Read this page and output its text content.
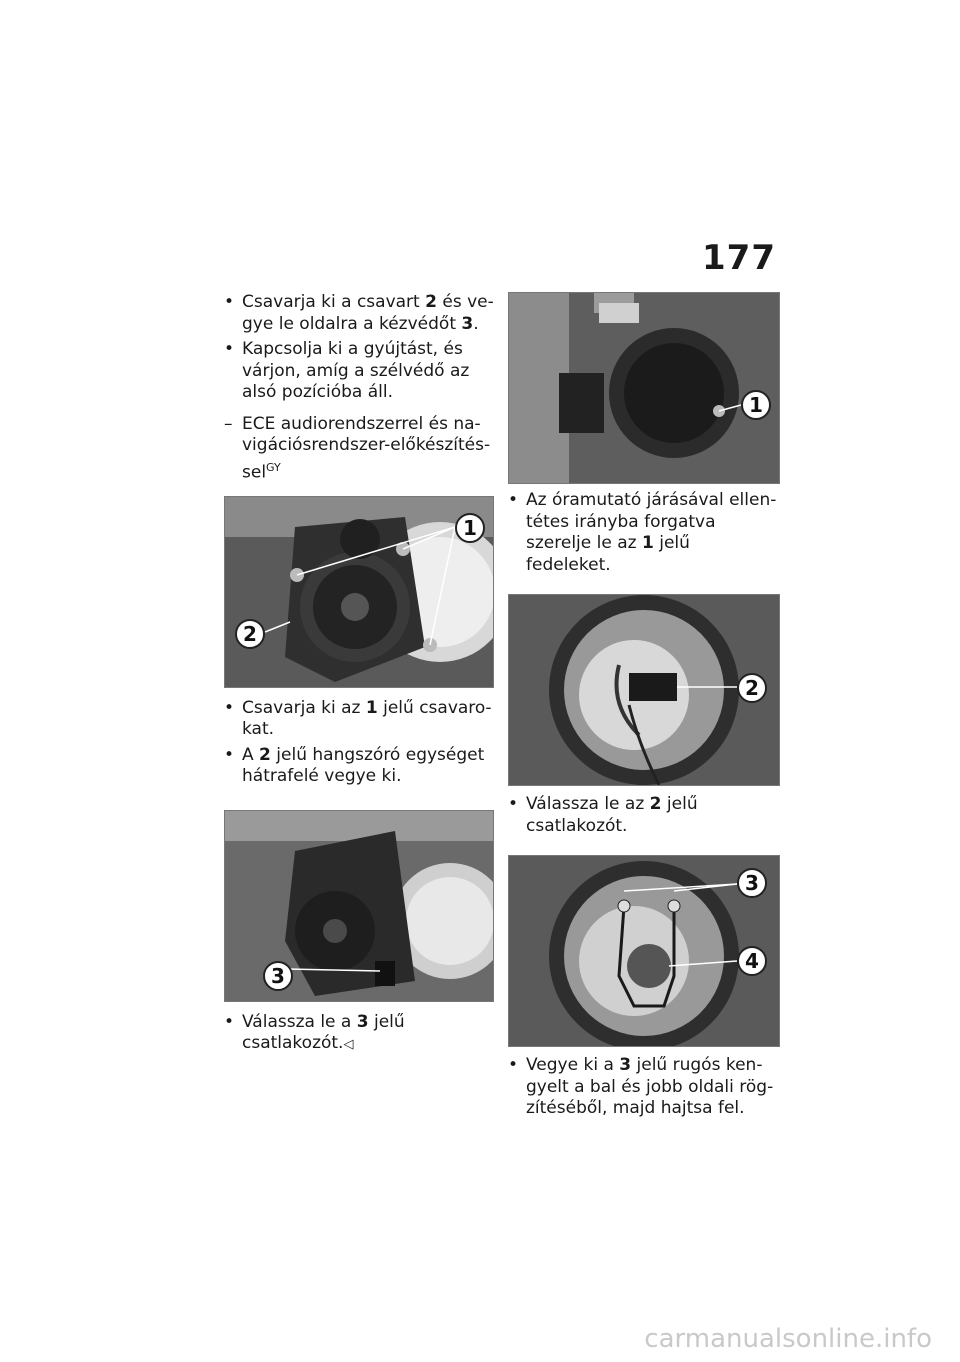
177

• Csavarja ki a csavart 2 és vegye le oldalra a kézvédőt 3.

• Kapcsolja ki a gyújtást, és várjon, amíg a szélvédő az alsó pozícióba áll.

– ECE audiorendszerrel és navigációsrendszer-előkészítéssel$^{GY}$

1
2

• Csavarja ki az 1 jelű csavarokat.

• A 2 jelű hangszóró egységet hátrafelé vegye ki.

3

• Válassza le a 3 jelű csatlakozót.◁

1

• Az óramutató járásával ellentétes irányba forgatva szerelje le az 1 jelű fedeleket.

2

• Válassza le az 2 jelű csatlakozót.

3
4

• Vegye ki a 3 jelű rugós kengyelt a bal és jobb oldali rögzítéséből, majd hajtsa fel.

carmanualsonline.info
